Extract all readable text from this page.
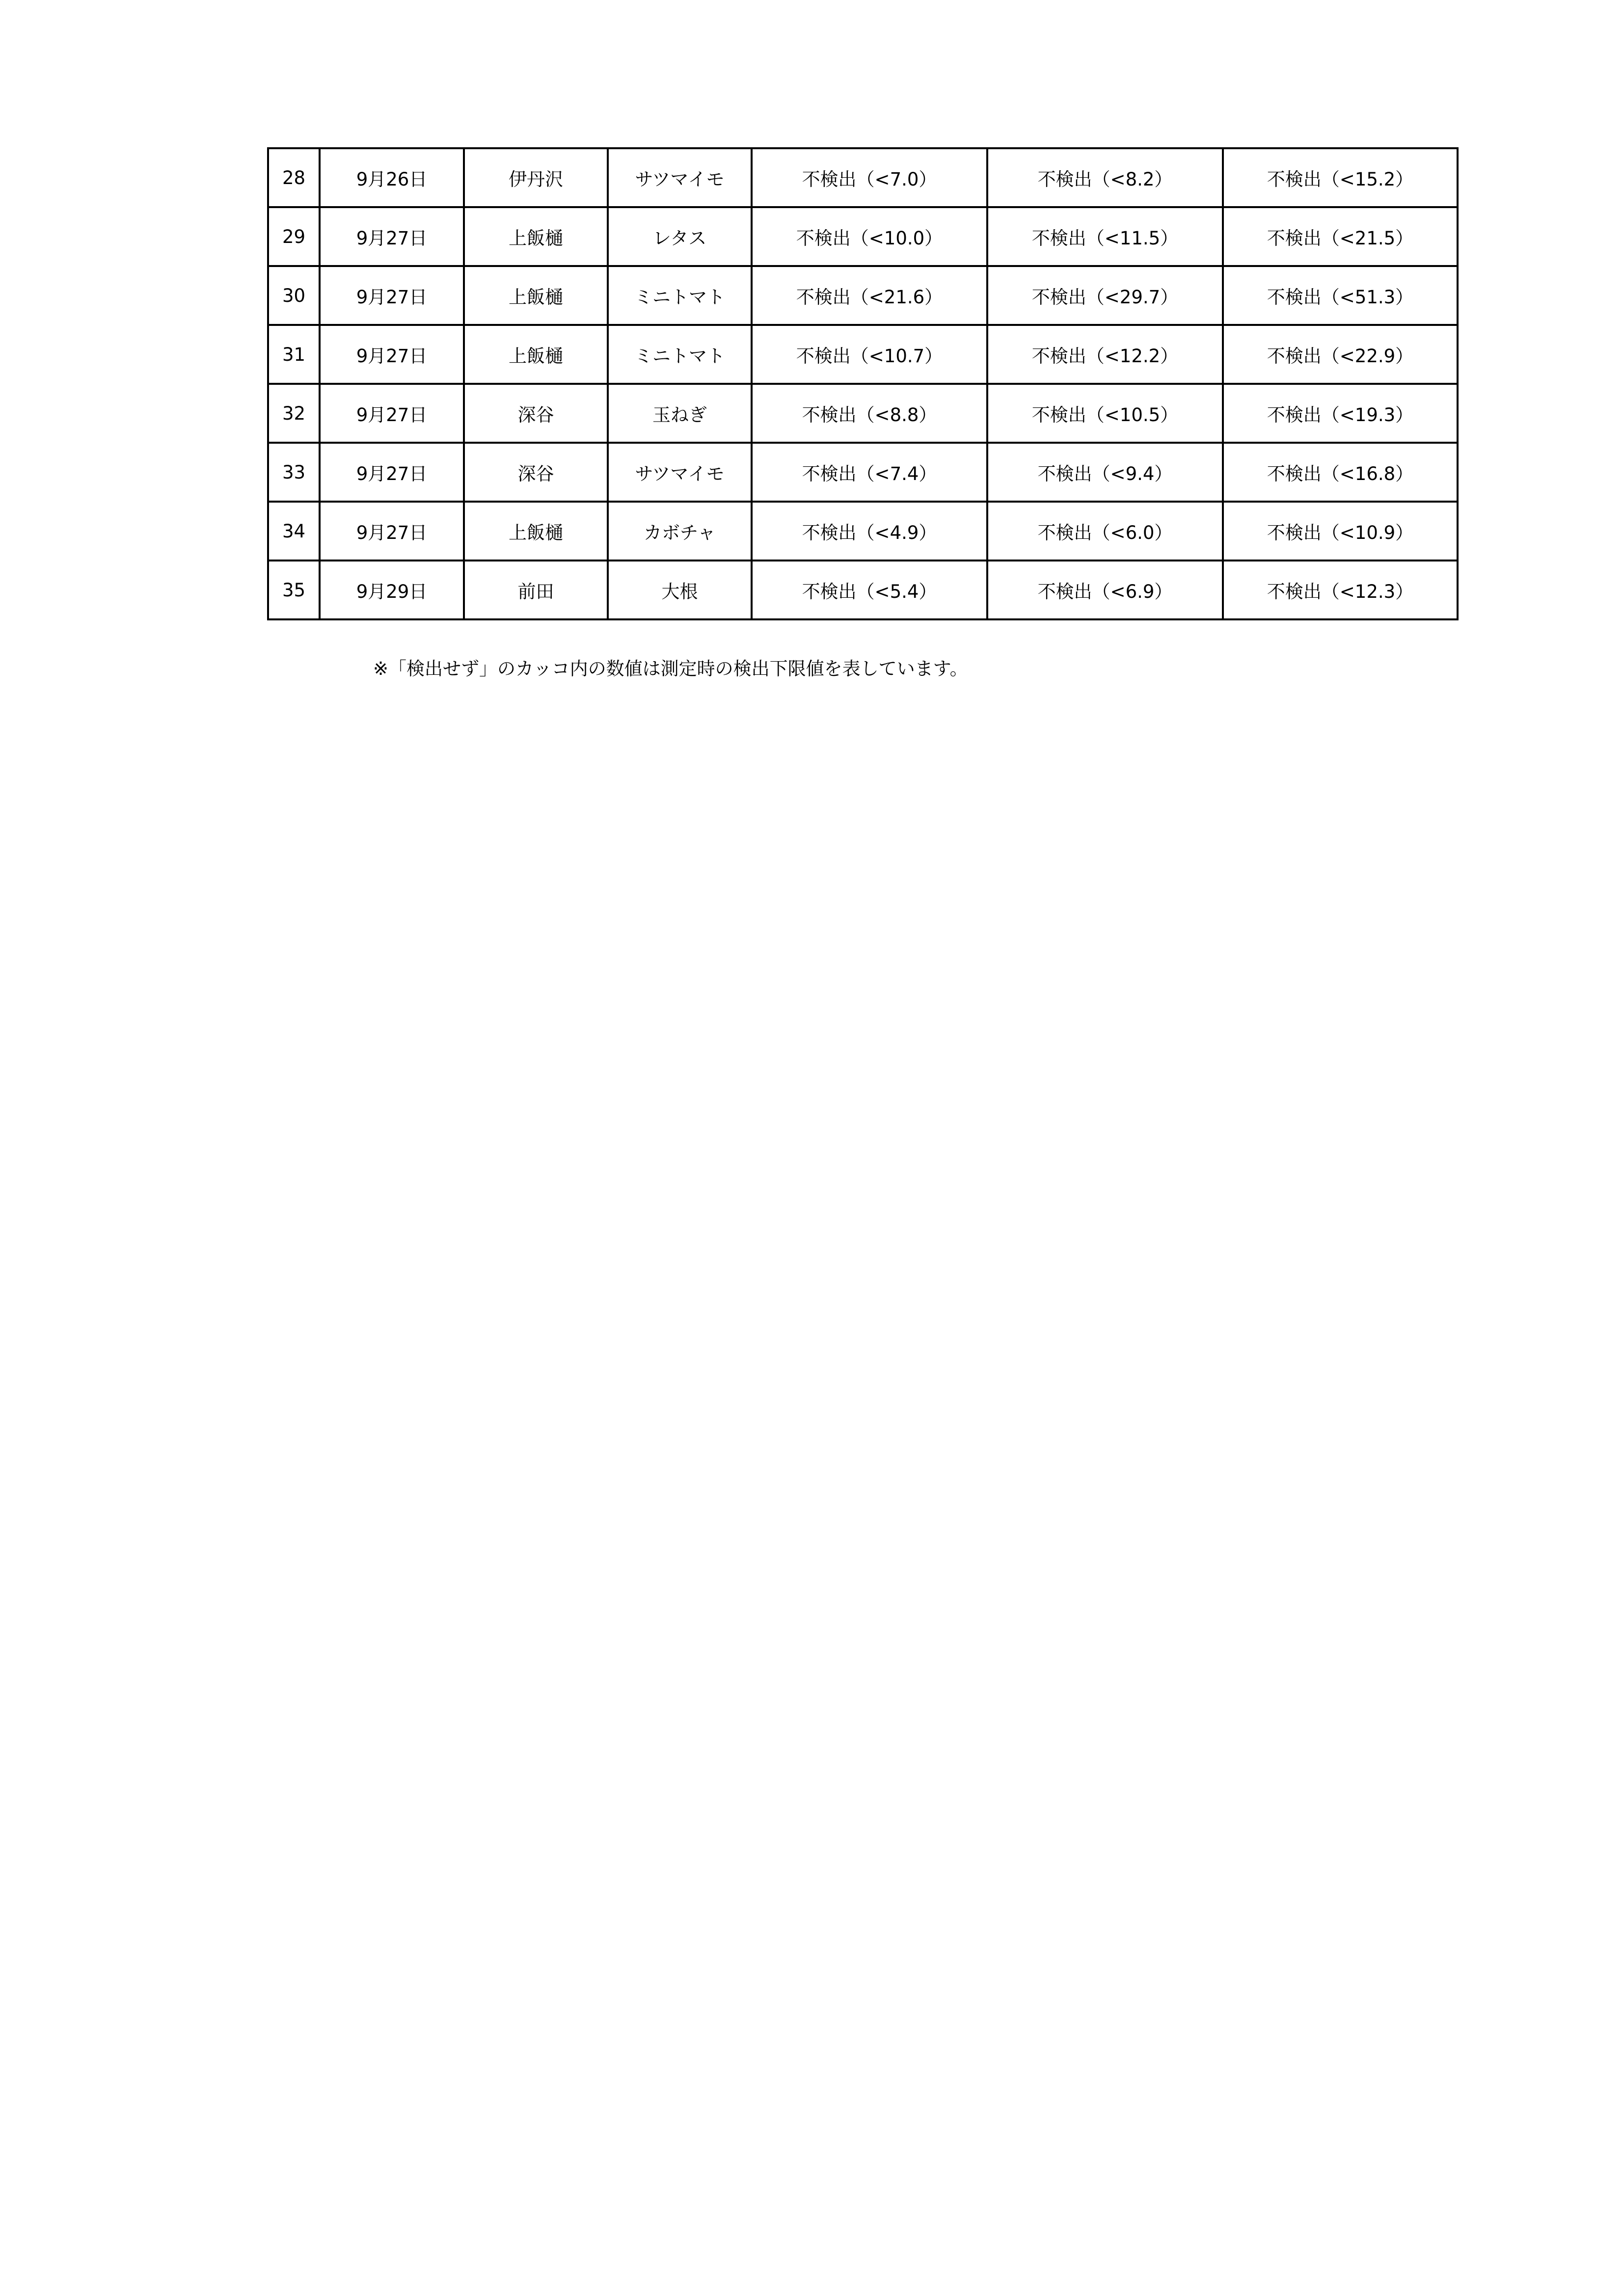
28	9月26日	伊丹沢	サツマイモ	不検出（<7.0）	不検出（<8.2）	不検出（<15.2）
29	9月27日	上飯樋	レタス	不検出（<10.0）	不検出（<11.5）	不検出（<21.5）
30	9月27日	上飯樋	ミニトマト	不検出（<21.6）	不検出（<29.7）	不検出（<51.3）
31	9月27日	上飯樋	ミニトマト	不検出（<10.7）	不検出（<12.2）	不検出（<22.9）
32	9月27日	深谷	玉ねぎ	不検出（<8.8）	不検出（<10.5）	不検出（<19.3）
33	9月27日	深谷	サツマイモ	不検出（<7.4）	不検出（<9.4）	不検出（<16.8）
34	9月27日	上飯樋	カボチャ	不検出（<4.9）	不検出（<6.0）	不検出（<10.9）
35	9月29日	前田	大根	不検出（<5.4）	不検出（<6.9）	不検出（<12.3）
※「検出せず」のカッコ内の数値は測定時の検出下限値を表しています。
